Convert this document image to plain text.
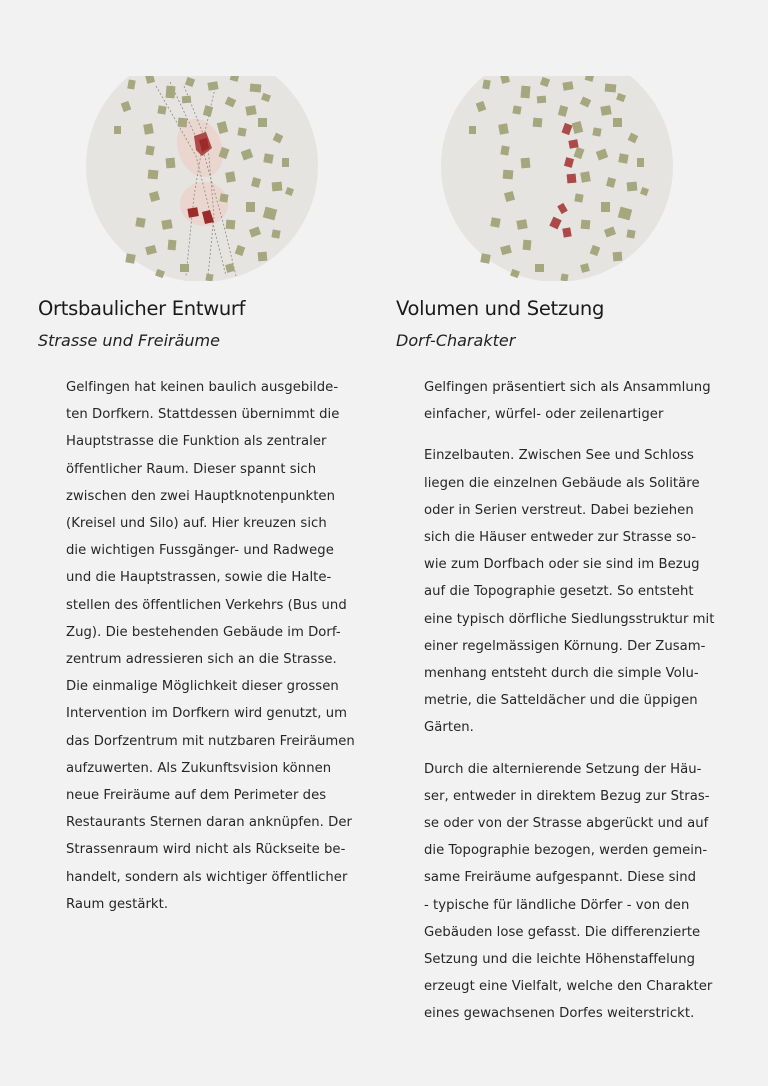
Ortsbaulicher Entwurf
Strasse und Freiräume

Gelfingen hat keinen baulich ausgebilde-
ten Dorfkern. Stattdessen übernimmt die
Hauptstrasse die Funktion als zentraler
öffentlicher Raum. Dieser spannt sich
zwischen den zwei Hauptknotenpunkten
(Kreisel und Silo) auf. Hier kreuzen sich
die wichtigen Fussgänger- und Radwege
und die Hauptstrassen, sowie die Halte-
stellen des öffentlichen Verkehrs (Bus und
Zug). Die bestehenden Gebäude im Dorf-
zentrum adressieren sich an die Strasse.
Die einmalige Möglichkeit dieser grossen
Intervention im Dorfkern wird genutzt, um
das Dorfzentrum mit nutzbaren Freiräumen
aufzuwerten. Als Zukunftsvision können
neue Freiräume auf dem Perimeter des
Restaurants Sternen daran anknüpfen. Der
Strassenraum wird nicht als Rückseite be-
handelt, sondern als wichtiger öffentlicher
Raum gestärkt.

Volumen und Setzung
Dorf-Charakter

Gelfingen präsentiert sich als Ansammlung
einfacher, würfel- oder zeilenartiger

Einzelbauten. Zwischen See und Schloss
liegen die einzelnen Gebäude als Solitäre
oder in Serien verstreut. Dabei beziehen
sich die Häuser entweder zur Strasse so-
wie zum Dorfbach oder sie sind im Bezug
auf die Topographie gesetzt. So entsteht
eine typisch dörfliche Siedlungsstruktur mit
einer regelmässigen Körnung. Der Zusam-
menhang entsteht durch die simple Volu-
metrie, die Satteldächer und die üppigen
Gärten.

Durch die alternierende Setzung der Häu-
ser, entweder in direktem Bezug zur Stras-
se oder von der Strasse abgerückt und auf
die Topographie bezogen, werden gemein-
same Freiräume aufgespannt. Diese sind
- typische für ländliche Dörfer - von den
Gebäuden lose gefasst. Die differenzierte
Setzung und die leichte Höhenstaffelung
erzeugt eine Vielfalt, welche den Charakter
eines gewachsenen Dorfes weiterstrickt.
